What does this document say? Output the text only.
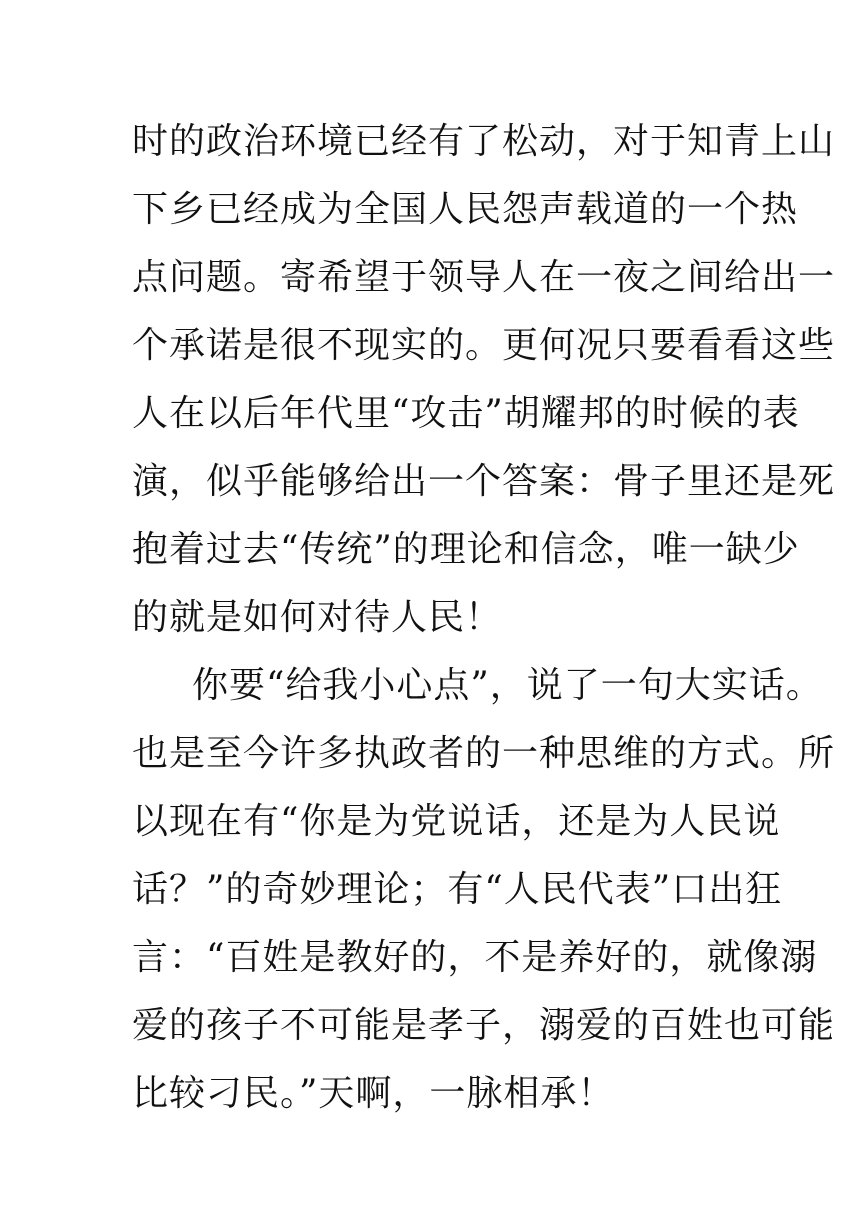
时的政治环境已经有了松动，对于知青上山
下乡已经成为全国人民怨声载道的一个热
点问题。寄希望于领导人在一夜之间给出一
个承诺是很不现实的。更何况只要看看这些
人在以后年代里“攻击”胡耀邦的时候的表
演，似乎能够给出一个答案：骨子里还是死
抱着过去“传统”的理论和信念，唯一缺少
的就是如何对待人民！
你要“给我小心点”，说了一句大实话。
也是至今许多执政者的一种思维的方式。所
以现在有“你是为党说话，还是为人民说
话？”的奇妙理论；有“人民代表”口出狂
言：“百姓是教好的，不是养好的，就像溺
爱的孩子不可能是孝子，溺爱的百姓也可能
比较刁民。”天啊，一脉相承！
